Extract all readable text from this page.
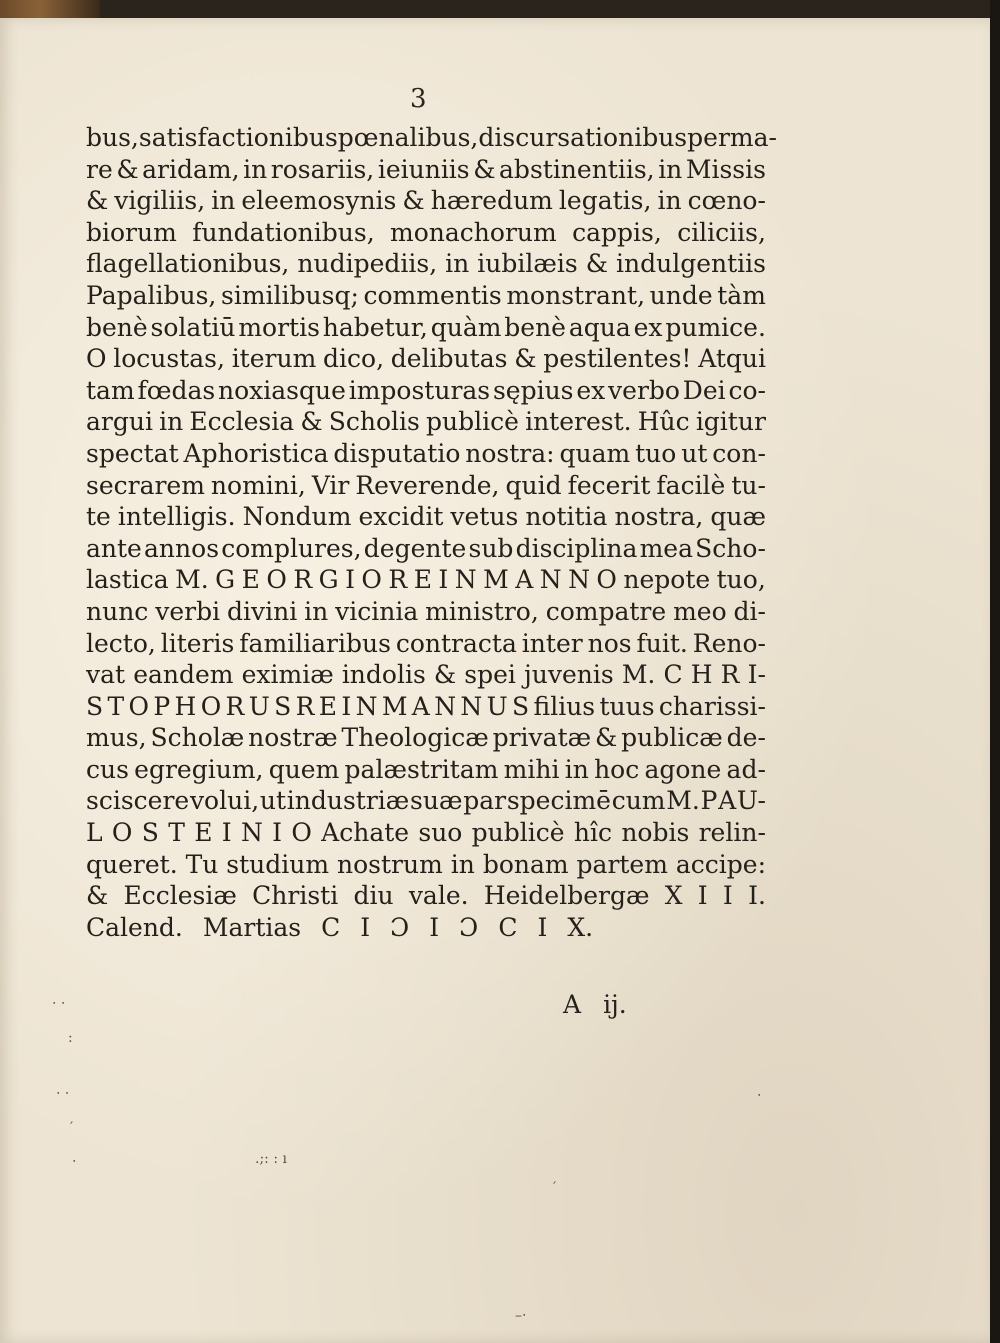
3
bus, satisfactionibus pœnalibus, discursationibus per ma-
re & aridam, in rosariis, ieiuniis & abstinentiis, in Missis
& vigiliis, in eleemosynis & hæredum legatis, in cœno-
biorum fundationibus, monachorum cappis, ciliciis,
flagellationibus, nudipediis, in iubilæis & indulgentiis
Papalibus, similibusq; commentis monstrant, unde tàm
benè solatiū mortis habetur, quàm benè aqua ex pumice.
O locustas, iterum dico, delibutas & pestilentes! Atqui
tam fœdas noxiasque imposturas sępius ex verbo Dei co-
argui in Ecclesia & Scholis publicè interest. Hûc igitur
spectat Aphoristica disputatio nostra: quam tuo ut con-
secrarem nomini, Vir Reverende, quid fecerit facilè tu-
te intelligis. Nondum excidit vetus notitia nostra, quæ
ante annos complures, degente sub disciplina mea Scho-
lastica M. G E O R G I O R E I N M A N N O nepote tuo,
nunc verbi divini in vicinia ministro, compatre meo di-
lecto, literis familiaribus contracta inter nos fuit. Reno-
vat eandem eximiæ indolis & spei juvenis M. C H R I-
S T O P H O R U S R E I N M A N N U S filius tuus charissi-
mus, Scholæ nostræ Theologicæ privatæ & publicæ de-
cus egregium, quem palæstritam mihi in hoc agone ad-
sciscere volui, ut industriæ suæ par specimē cum M. P A U-
L O S T E I N I O Achate suo publicè hîc nobis relin-
queret. Tu studium nostrum in bonam partem accipe:
& Ecclesiæ Christi diu vale. Heidelbergæ X I I I.
Calend. Martias C I Ɔ I Ɔ C I X.
A ij.
‧ ‧
:
‧ ‧
′
‧	.;: : ı
‧
′
–‧
